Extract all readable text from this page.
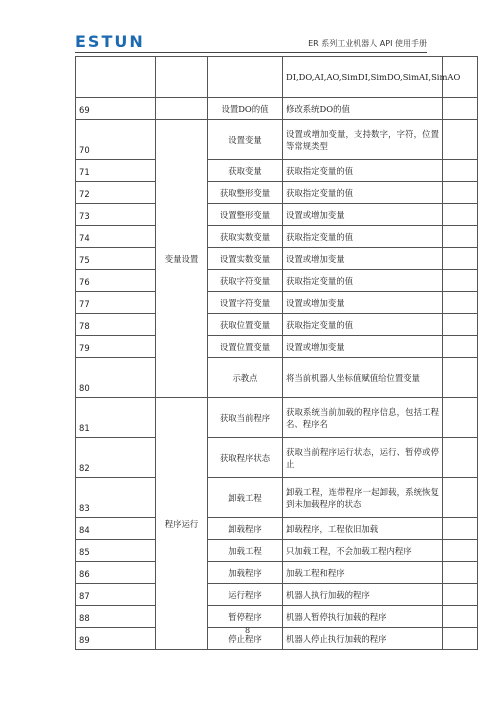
ESTUN	ER 系列工业机器人 API 使用手册
			DI,DO,AI,AO,SimDI,SimDO,SimAI,SimAO	
69		设置DO的值	修改系统DO的值	
70	变量设置	设置变量	设置或增加变量，支持数字，字符，位置等常规类型	
71		获取变量	获取指定变量的值	
72		获取整形变量	获取指定变量的值	
73		设置整形变量	设置或增加变量	
74		获取实数变量	获取指定变量的值	
75		设置实数变量	设置或增加变量	
76		获取字符变量	获取指定变量的值	
77		设置字符变量	设置或增加变量	
78		获取位置变量	获取指定变量的值	
79		设置位置变量	设置或增加变量	
80		示教点	将当前机器人坐标值赋值给位置变量	
81	程序运行	获取当前程序	获取系统当前加载的程序信息，包括工程名、程序名	
82		获取程序状态	获取当前程序运行状态，运行、暂停或停止	
83		卸载工程	卸载工程，连带程序一起卸载，系统恢复到未加载程序的状态	
84		卸载程序	卸载程序，工程依旧加载	
85		加载工程	只加载工程，不会加载工程内程序	
86		加载程序	加载工程和程序	
87		运行程序	机器人执行加载的程序	
88		暂停程序	机器人暂停执行加载的程序	
89		停止程序	机器人停止执行加载的程序	
8
